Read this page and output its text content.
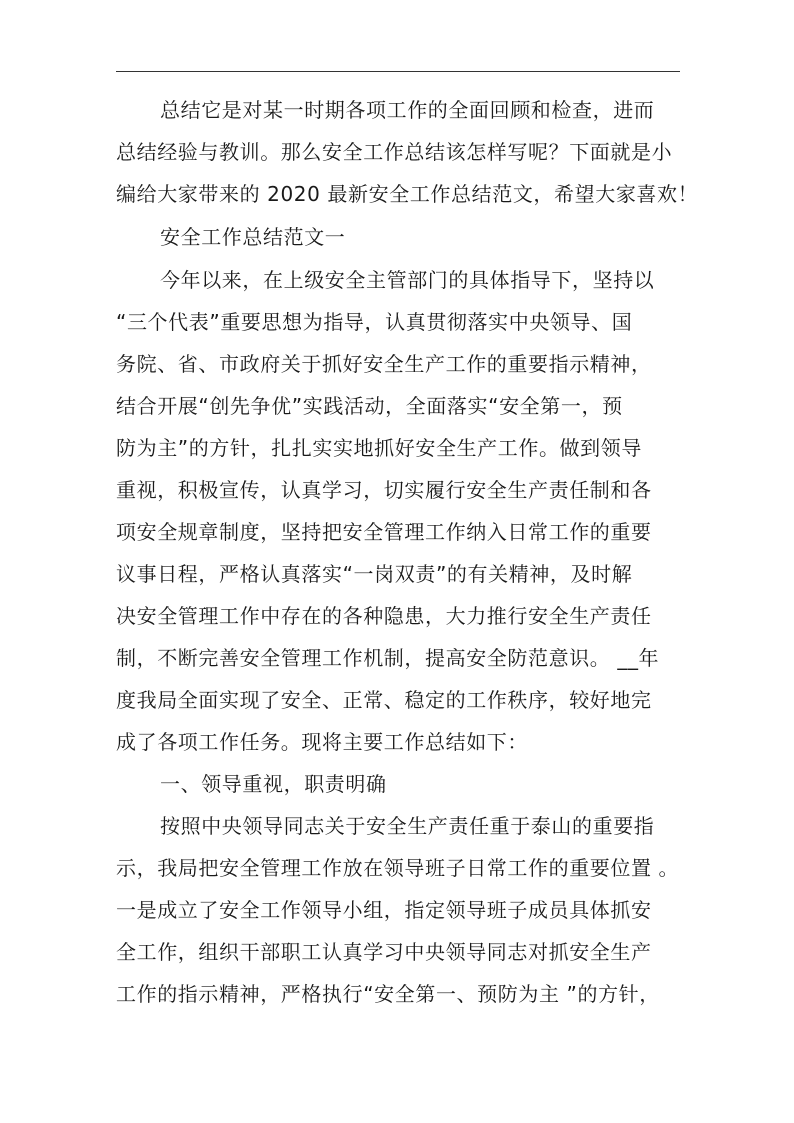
总结它是对某一时期各项工作的全面回顾和检查，进而
总结经验与教训。那么安全工作总结该怎样写呢？下面就是小
编给大家带来的 2020 最新安全工作总结范文，希望大家喜欢！
安全工作总结范文一
今年以来，在上级安全主管部门的具体指导下，坚持以
“三个代表”重要思想为指导，认真贯彻落实中央领导、国
务院、省、市政府关于抓好安全生产工作的重要指示精神，
结合开展“创先争优”实践活动，全面落实“安全第一，预
防为主”的方针，扎扎实实地抓好安全生产工作。做到领导
重视，积极宣传，认真学习，切实履行安全生产责任制和各
项安全规章制度，坚持把安全管理工作纳入日常工作的重要
议事日程，严格认真落实“一岗双责”的有关精神，及时解
决安全管理工作中存在的各种隐患，大力推行安全生产责任
制，不断完善安全管理工作机制，提高安全防范意识。 __年
度我局全面实现了安全、正常、稳定的工作秩序，较好地完
成了各项工作任务。现将主要工作总结如下：
一、领导重视，职责明确
按照中央领导同志关于安全生产责任重于泰山的重要指
示，我局把安全管理工作放在领导班子日常工作的重要位置 。
一是成立了安全工作领导小组，指定领导班子成员具体抓安
全工作，组织干部职工认真学习中央领导同志对抓安全生产
工作的指示精神，严格执行“安全第一、预防为主 ”的方针，
